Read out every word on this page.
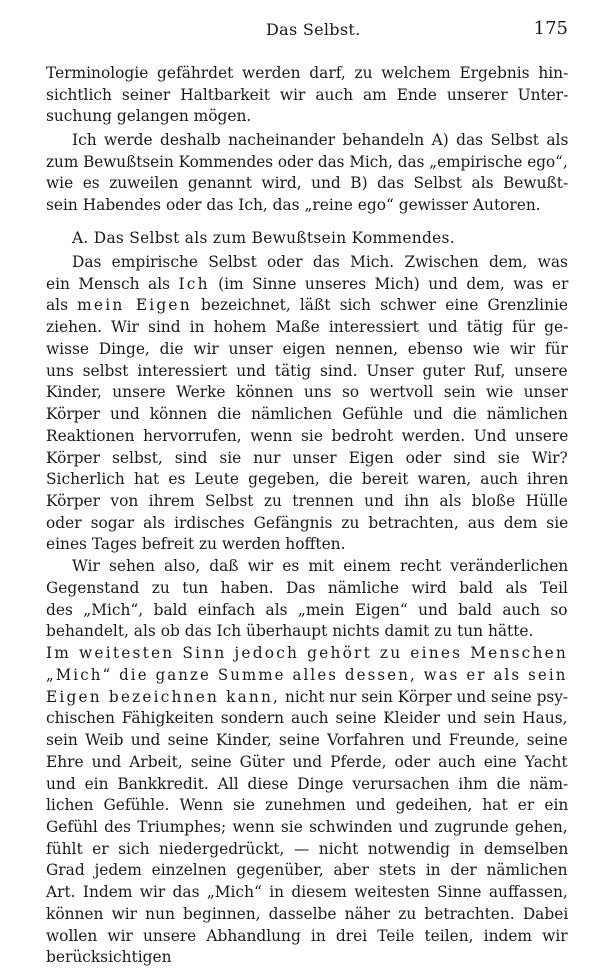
Das Selbst.	175
Terminologie gefährdet werden darf, zu welchem Ergebnis hin-
sichtlich seiner Haltbarkeit wir auch am Ende unserer Unter-
suchung gelangen mögen.
Ich werde deshalb nacheinander behandeln A) das Selbst als
zum Bewußtsein Kommendes oder das Mich, das „empirische ego“,
wie es zuweilen genannt wird, und B) das Selbst als Bewußt-
sein Habendes oder das Ich, das „reine ego“ gewisser Autoren.
A. Das Selbst als zum Bewußtsein Kommendes.
Das empirische Selbst oder das Mich. Zwischen dem, was
ein Mensch als Ich (im Sinne unseres Mich) und dem, was er
als mein Eigen bezeichnet, läßt sich schwer eine Grenzlinie
ziehen. Wir sind in hohem Maße interessiert und tätig für ge-
wisse Dinge, die wir unser eigen nennen, ebenso wie wir für
uns selbst interessiert und tätig sind. Unser guter Ruf, unsere
Kinder, unsere Werke können uns so wertvoll sein wie unser
Körper und können die nämlichen Gefühle und die nämlichen
Reaktionen hervorrufen, wenn sie bedroht werden. Und unsere
Körper selbst, sind sie nur unser Eigen oder sind sie Wir?
Sicherlich hat es Leute gegeben, die bereit waren, auch ihren
Körper von ihrem Selbst zu trennen und ihn als bloße Hülle
oder sogar als irdisches Gefängnis zu betrachten, aus dem sie
eines Tages befreit zu werden hofften.
Wir sehen also, daß wir es mit einem recht veränderlichen
Gegenstand zu tun haben. Das nämliche wird bald als Teil
des „Mich“, bald einfach als „mein Eigen“ und bald auch so
behandelt, als ob das Ich überhaupt nichts damit zu tun hätte.
Im weitesten Sinn jedoch gehört zu eines Menschen
„Mich“ die ganze Summe alles dessen, was er als sein
Eigen bezeichnen kann, nicht nur sein Körper und seine psy-
chischen Fähigkeiten sondern auch seine Kleider und sein Haus,
sein Weib und seine Kinder, seine Vorfahren und Freunde, seine
Ehre und Arbeit, seine Güter und Pferde, oder auch eine Yacht
und ein Bankkredit. All diese Dinge verursachen ihm die näm-
lichen Gefühle. Wenn sie zunehmen und gedeihen, hat er ein
Gefühl des Triumphes; wenn sie schwinden und zugrunde gehen,
fühlt er sich niedergedrückt, — nicht notwendig in demselben
Grad jedem einzelnen gegenüber, aber stets in der nämlichen
Art. Indem wir das „Mich“ in diesem weitesten Sinne auffassen,
können wir nun beginnen, dasselbe näher zu betrachten. Dabei
wollen wir unsere Abhandlung in drei Teile teilen, indem wir
berücksichtigen
